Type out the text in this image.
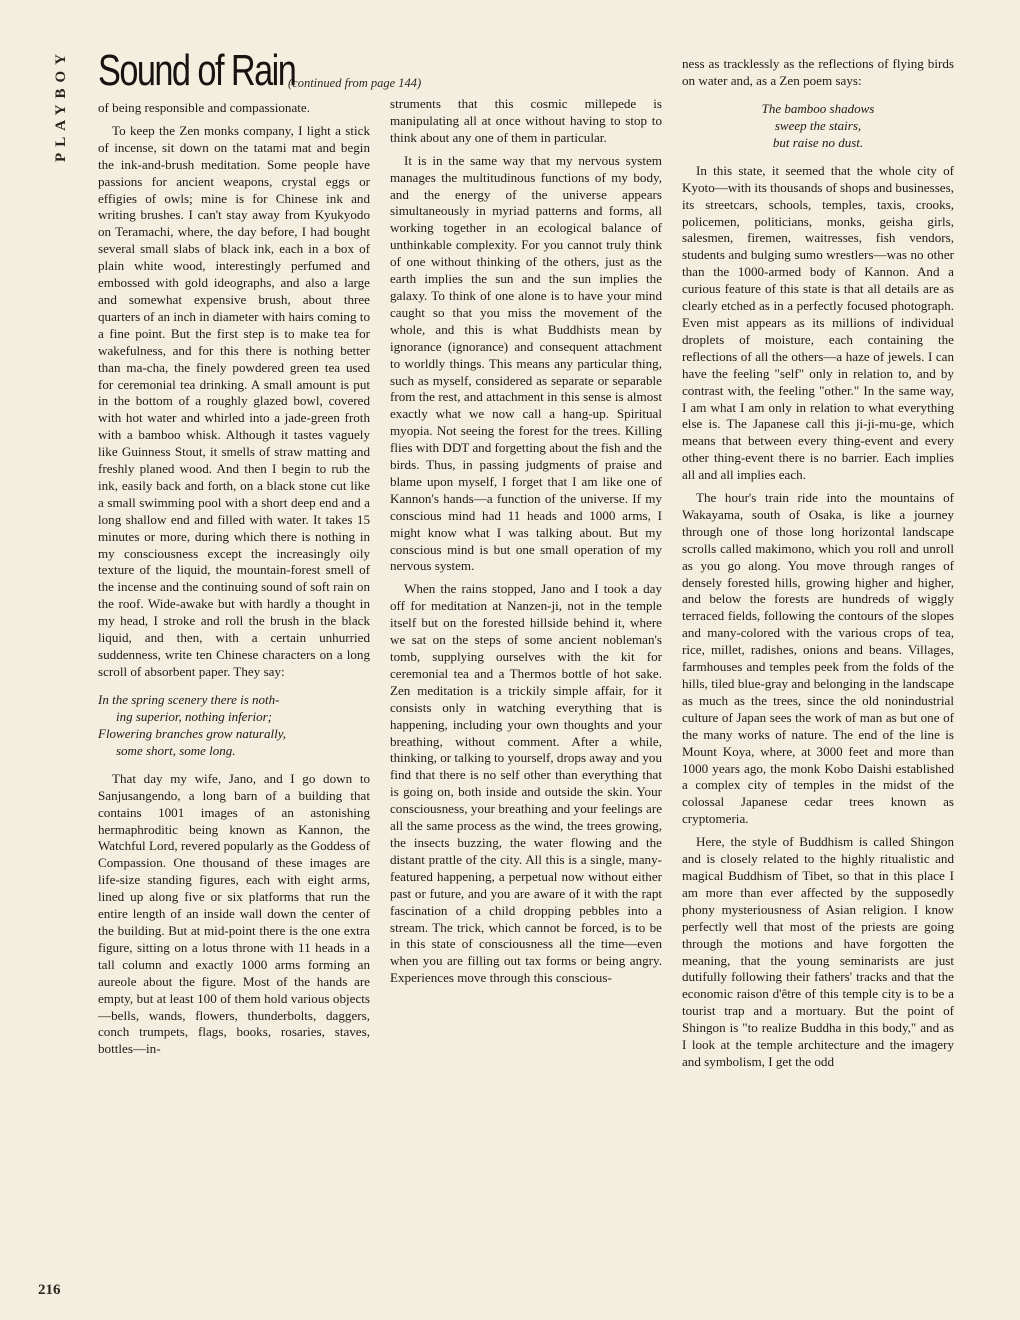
PLAYBOY Sound of Rain
(continued from page 144)

of being responsible and compassionate.

To keep the Zen monks company, I light a stick of incense, sit down on the tatami mat and begin the ink-and-brush meditation. Some people have passions for ancient weapons, crystal eggs or effigies of owls; mine is for Chinese ink and writing brushes. I can't stay away from Kyukyodo on Teramachi, where, the day before, I had bought several small slabs of black ink, each in a box of plain white wood, interestingly perfumed and embossed with gold ideographs, and also a large and somewhat expensive brush, about three quarters of an inch in diameter with hairs coming to a fine point. But the first step is to make tea for wakefulness, and for this there is nothing better than ma-cha, the finely powdered green tea used for ceremonial tea drinking. A small amount is put in the bottom of a roughly glazed bowl, covered with hot water and whirled into a jade-green froth with a bamboo whisk. Although it tastes vaguely like Guinness Stout, it smells of straw matting and freshly planed wood. And then I begin to rub the ink, easily back and forth, on a black stone cut like a small swimming pool with a short deep end and a long shallow end and filled with water. It takes 15 minutes or more, during which there is nothing in my consciousness except the increasingly oily texture of the liquid, the mountain-forest smell of the incense and the continuing sound of soft rain on the roof. Wide-awake but with hardly a thought in my head, I stroke and roll the brush in the black liquid, and then, with a certain unhurried suddenness, write ten Chinese characters on a long scroll of absorbent paper. They say:

In the spring scenery there is noth-
ing superior, nothing inferior;
Flowering branches grow naturally,
some short, some long.

That day my wife, Jano, and I go down to Sanjusangendo, a long barn of a building that contains 1001 images of an astonishing hermaphroditic being known as Kannon, the Watchful Lord, revered popularly as the Goddess of Compassion. One thousand of these images are life-size standing figures, each with eight arms, lined up along five or six platforms that run the entire length of an inside wall down the center of the building. But at mid-point there is the one extra figure, sitting on a lotus throne with 11 heads in a tall column and exactly 1000 arms forming an aureole about the figure. Most of the hands are empty, but at least 100 of them hold various objects—bells, wands, flowers, thunderbolts, daggers, conch trumpets, flags, books, rosaries, staves, bottles—in-

struments that this cosmic millepede is manipulating all at once without having to stop to think about any one of them in particular.

It is in the same way that my nervous system manages the multitudinous functions of my body, and the energy of the universe appears simultaneously in myriad patterns and forms, all working together in an ecological balance of unthinkable complexity. For you cannot truly think of one without thinking of the others, just as the earth implies the sun and the sun implies the galaxy. To think of one alone is to have your mind caught so that you miss the movement of the whole, and this is what Buddhists mean by ignorance (ignorance) and consequent attachment to worldly things. This means any particular thing, such as myself, considered as separate or separable from the rest, and attachment in this sense is almost exactly what we now call a hang-up. Spiritual myopia. Not seeing the forest for the trees. Killing flies with DDT and forgetting about the fish and the birds. Thus, in passing judgments of praise and blame upon myself, I forget that I am like one of Kannon's hands—a function of the universe. If my conscious mind had 11 heads and 1000 arms, I might know what I was talking about. But my conscious mind is but one small operation of my nervous system.

When the rains stopped, Jano and I took a day off for meditation at Nanzen-ji, not in the temple itself but on the forested hillside behind it, where we sat on the steps of some ancient nobleman's tomb, supplying ourselves with the kit for ceremonial tea and a Thermos bottle of hot sake. Zen meditation is a trickily simple affair, for it consists only in watching everything that is happening, including your own thoughts and your breathing, without comment. After a while, thinking, or talking to yourself, drops away and you find that there is no self other than everything that is going on, both inside and outside the skin. Your consciousness, your breathing and your feelings are all the same process as the wind, the trees growing, the insects buzzing, the water flowing and the distant prattle of the city. All this is a single, many-featured happening, a perpetual now without either past or future, and you are aware of it with the rapt fascination of a child dropping pebbles into a stream. The trick, which cannot be forced, is to be in this state of consciousness all the time—even when you are filling out tax forms or being angry. Experiences move through this conscious-

ness as tracklessly as the reflections of flying birds on water and, as a Zen poem says:

The bamboo shadows
sweep the stairs,
but raise no dust.

In this state, it seemed that the whole city of Kyoto—with its thousands of shops and businesses, its streetcars, schools, temples, taxis, crooks, policemen, politicians, monks, geisha girls, salesmen, firemen, waitresses, fish vendors, students and bulging sumo wrestlers—was no other than the 1000-armed body of Kannon. And a curious feature of this state is that all details are as clearly etched as in a perfectly focused photograph. Even mist appears as its millions of individual droplets of moisture, each containing the reflections of all the others—a haze of jewels. I can have the feeling "self" only in relation to, and by contrast with, the feeling "other." In the same way, I am what I am only in relation to what everything else is. The Japanese call this ji-ji-mu-ge, which means that between every thing-event and every other thing-event there is no barrier. Each implies all and all implies each.

The hour's train ride into the mountains of Wakayama, south of Osaka, is like a journey through one of those long horizontal landscape scrolls called makimono, which you roll and unroll as you go along. You move through ranges of densely forested hills, growing higher and higher, and below the forests are hundreds of wiggly terraced fields, following the contours of the slopes and many-colored with the various crops of tea, rice, millet, radishes, onions and beans. Villages, farmhouses and temples peek from the folds of the hills, tiled blue-gray and belonging in the landscape as much as the trees, since the old nonindustrial culture of Japan sees the work of man as but one of the many works of nature. The end of the line is Mount Koya, where, at 3000 feet and more than 1000 years ago, the monk Kobo Daishi established a complex city of temples in the midst of the colossal Japanese cedar trees known as cryptomeria.

Here, the style of Buddhism is called Shingon and is closely related to the highly ritualistic and magical Buddhism of Tibet, so that in this place I am more than ever affected by the supposedly phony mysteriousness of Asian religion. I know perfectly well that most of the priests are going through the motions and have forgotten the meaning, that the young seminarists are just dutifully following their fathers' tracks and that the economic raison d'être of this temple city is to be a tourist trap and a mortuary. But the point of Shingon is "to realize Buddha in this body," and as I look at the temple architecture and the imagery and symbolism, I get the odd

216
